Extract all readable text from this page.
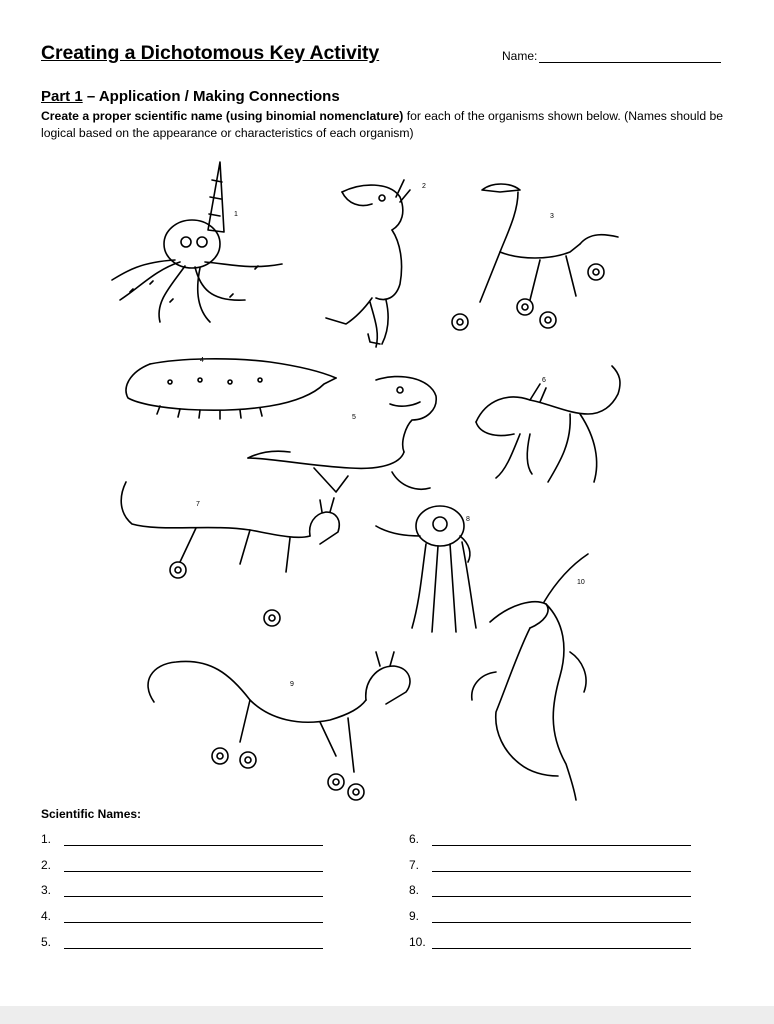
Creating a Dichotomous Key Activity	Name:
Part 1 – Application / Making Connections
Create a proper scientific name (using binomial nomenclature) for each of the organisms shown below. (Names should be logical based on the appearance or characteristics of each organism)
1
2
3
4
5
6
7
8
9
10
Scientific Names:
1.
2.
3.
4.
5.
6.
7.
8.
9.
10.
